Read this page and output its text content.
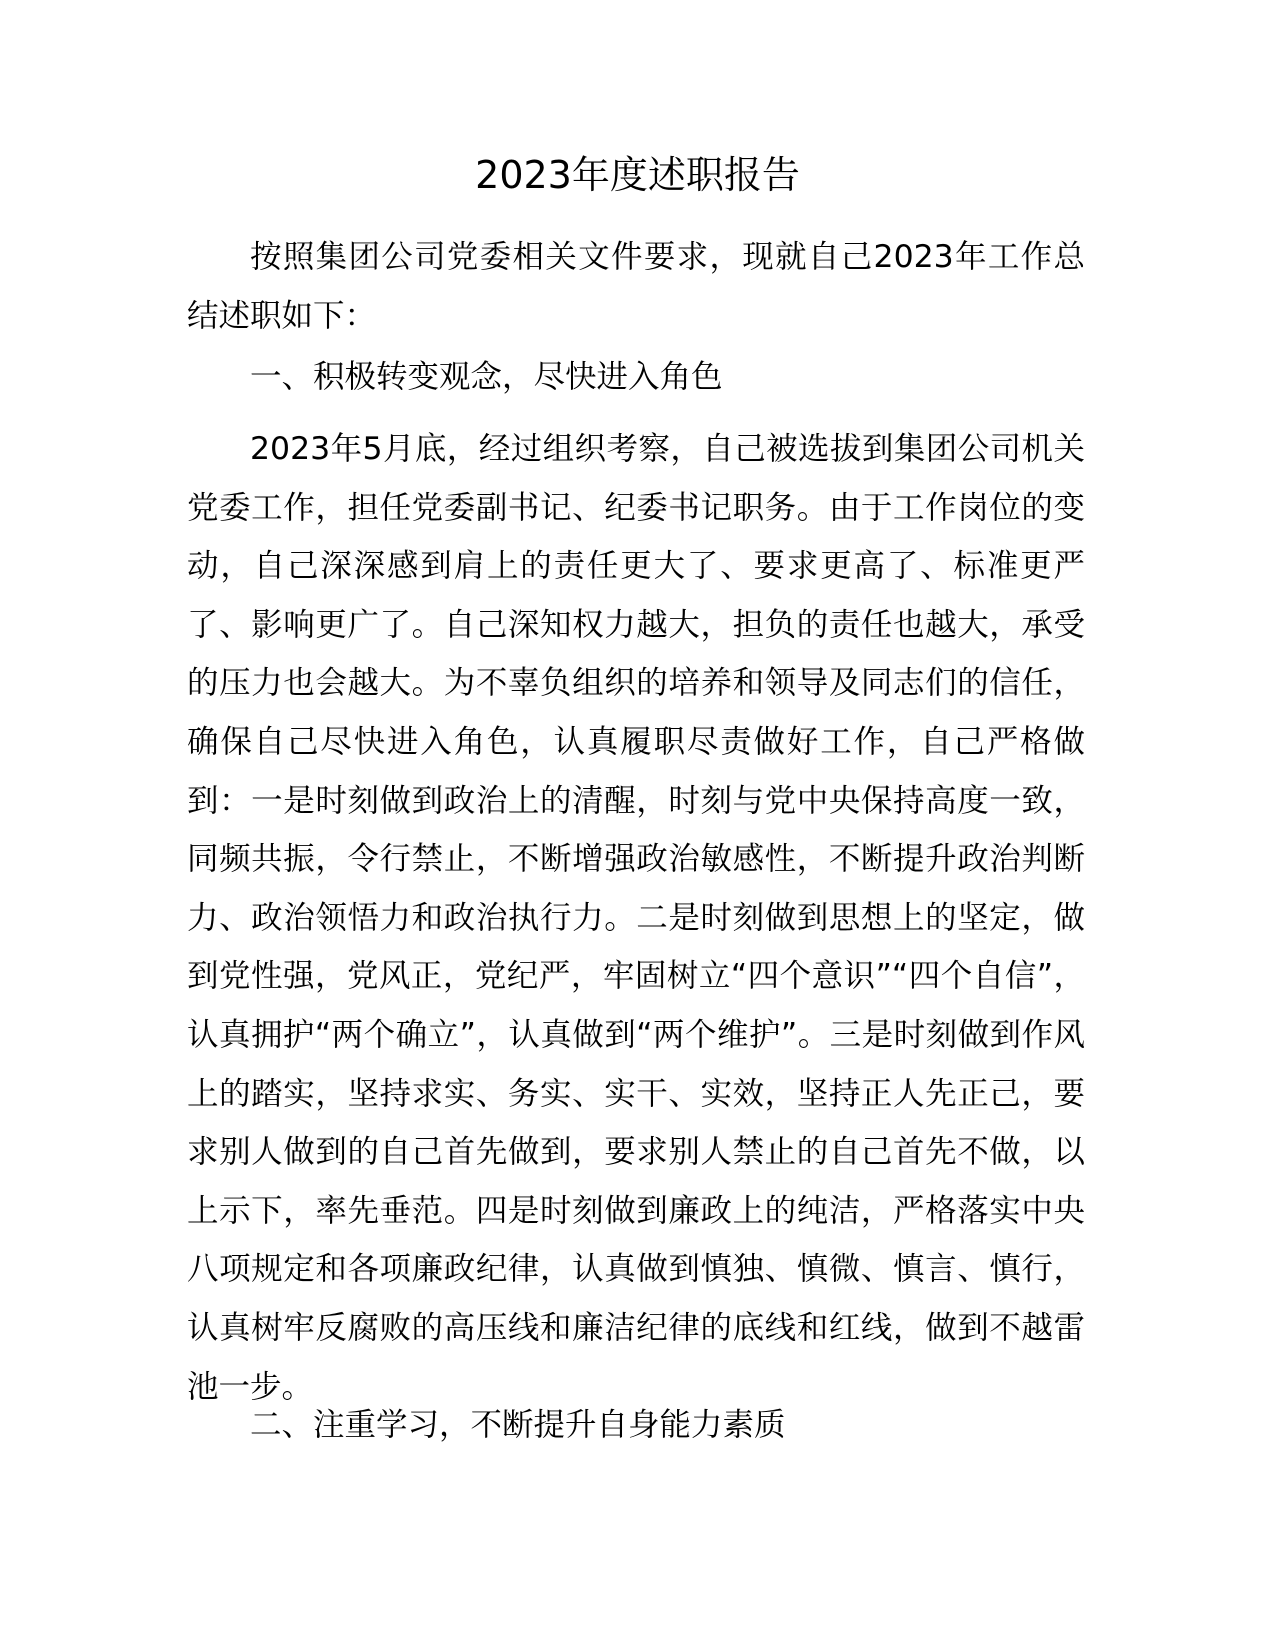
2023年度述职报告

按照集团公司党委相关文件要求，现就自己2023年工作总结述职如下：

一、积极转变观念，尽快进入角色

2023年5月底，经过组织考察，自己被选拔到集团公司机关党委工作，担任党委副书记、纪委书记职务。由于工作岗位的变动，自己深深感到肩上的责任更大了、要求更高了、标准更严了、影响更广了。自己深知权力越大，担负的责任也越大，承受的压力也会越大。为不辜负组织的培养和领导及同志们的信任，确保自己尽快进入角色，认真履职尽责做好工作，自己严格做到：一是时刻做到政治上的清醒，时刻与党中央保持高度一致，同频共振，令行禁止，不断增强政治敏感性，不断提升政治判断力、政治领悟力和政治执行力。二是时刻做到思想上的坚定，做到党性强，党风正，党纪严，牢固树立“四个意识”“四个自信”，认真拥护“两个确立”，认真做到“两个维护”。三是时刻做到作风上的踏实，坚持求实、务实、实干、实效，坚持正人先正己，要求别人做到的自己首先做到，要求别人禁止的自己首先不做，以上示下，率先垂范。四是时刻做到廉政上的纯洁，严格落实中央八项规定和各项廉政纪律，认真做到慎独、慎微、慎言、慎行，认真树牢反腐败的高压线和廉洁纪律的底线和红线，做到不越雷池一步。

二、注重学习，不断提升自身能力素质
